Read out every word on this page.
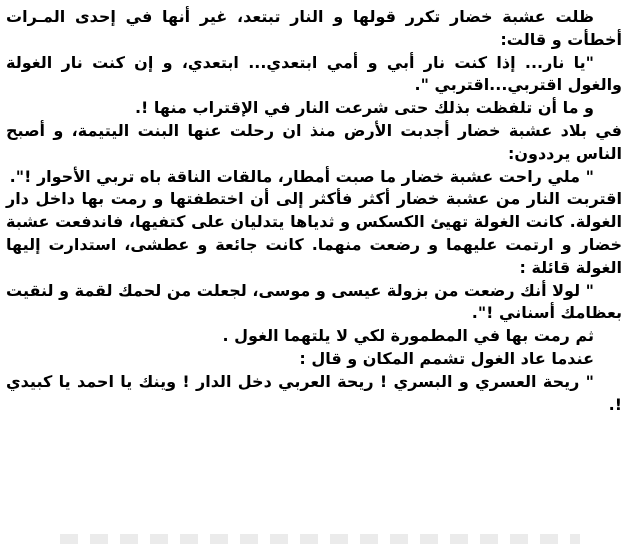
ظلت عشبة خضار تكرر قولها و النار تبتعد، غير أنها في إحدى المـرات أخطأت و قالت:

"يا نار... إذا كنت نار أبي و أمي ابتعدي... ابتعدي، و إن كنت نار الغولة والغول اقتربي...اقتربي ".

و ما أن تلفظت بذلك حتى شرعت النار في الإقتراب منها !.

في بلاد عشبة خضار أجدبت الأرض منذ ان رحلت عنها البنت اليتيمة، و أصبح الناس يرددون:

" ملي راحت عشبة خضار ما صبت أمطار، مالقات الناقة باه تربي الأحوار !".

اقتربت النار من عشبة خضار أكثر فأكثر إلى أن اختطفتها و رمت بها داخل دار الغولة. كانت الغولة تهيئ الكسكس و ثدياها يتدليان على كتفيها، فاندفعت عشبة خضار و ارتمت عليهما و رضعت منهما. كانت جائعة و عطشى، استدارت إليها الغولة قائلة :

" لولا أنك رضعت من بزولة عيسى و موسى، لجعلت من لحمك لقمة و لنقيت بعظامك أسناني !".

ثم رمت بها في المطمورة لكي لا يلتهما الغول .

عندما عاد الغول تشمم المكان و قال :

" ريحة العسري و البسري ! ريحة العربي دخل الدار ! وينك يا احمد يا كبيدي !.
